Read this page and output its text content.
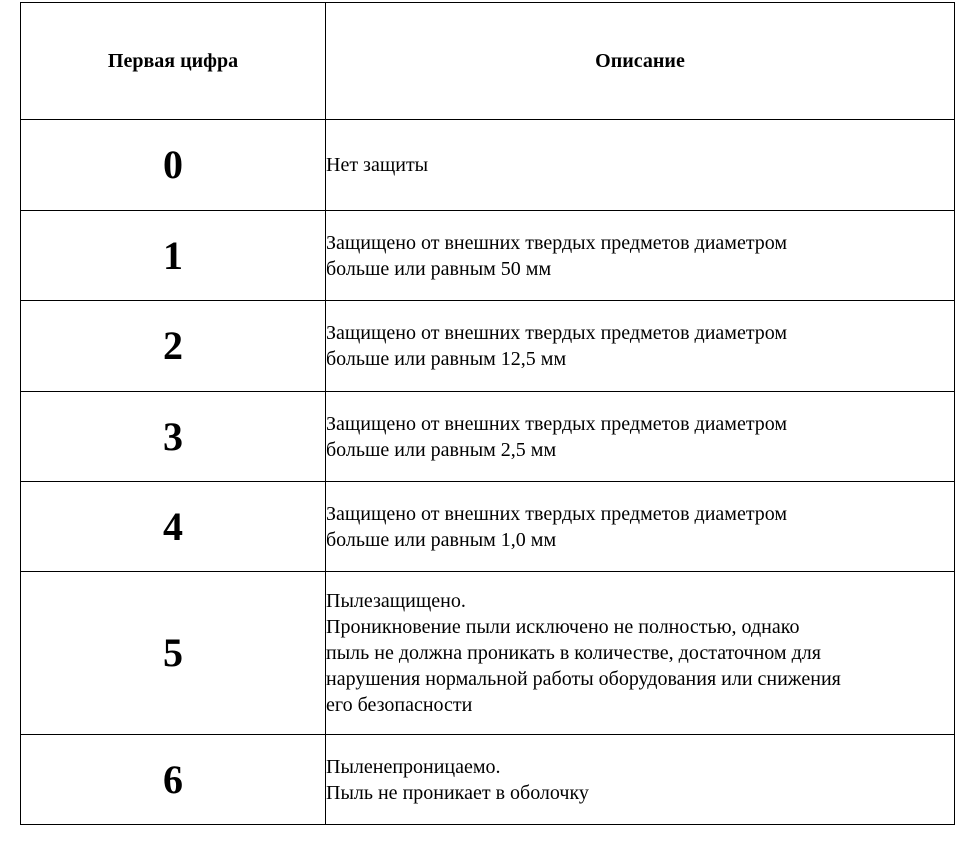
Первая цифра	Описание
0	Нет защиты

1	Защищено от внешних твердых предметов диаметром
больше или равным 50 мм

2	Защищено от внешних твердых предметов диаметром
больше или равным 12,5 мм

3	Защищено от внешних твердых предметов диаметром
больше или равным 2,5 мм

4	Защищено от внешних твердых предметов диаметром
больше или равным 1,0 мм

5	Пылезащищено.
Проникновение пыли исключено не полностью, однако
пыль не должна проникать в количестве, достаточном для
нарушения нормальной работы оборудования или снижения
его безопасности

6	Пыленепроницаемо.
Пыль не проникает в оболочку
